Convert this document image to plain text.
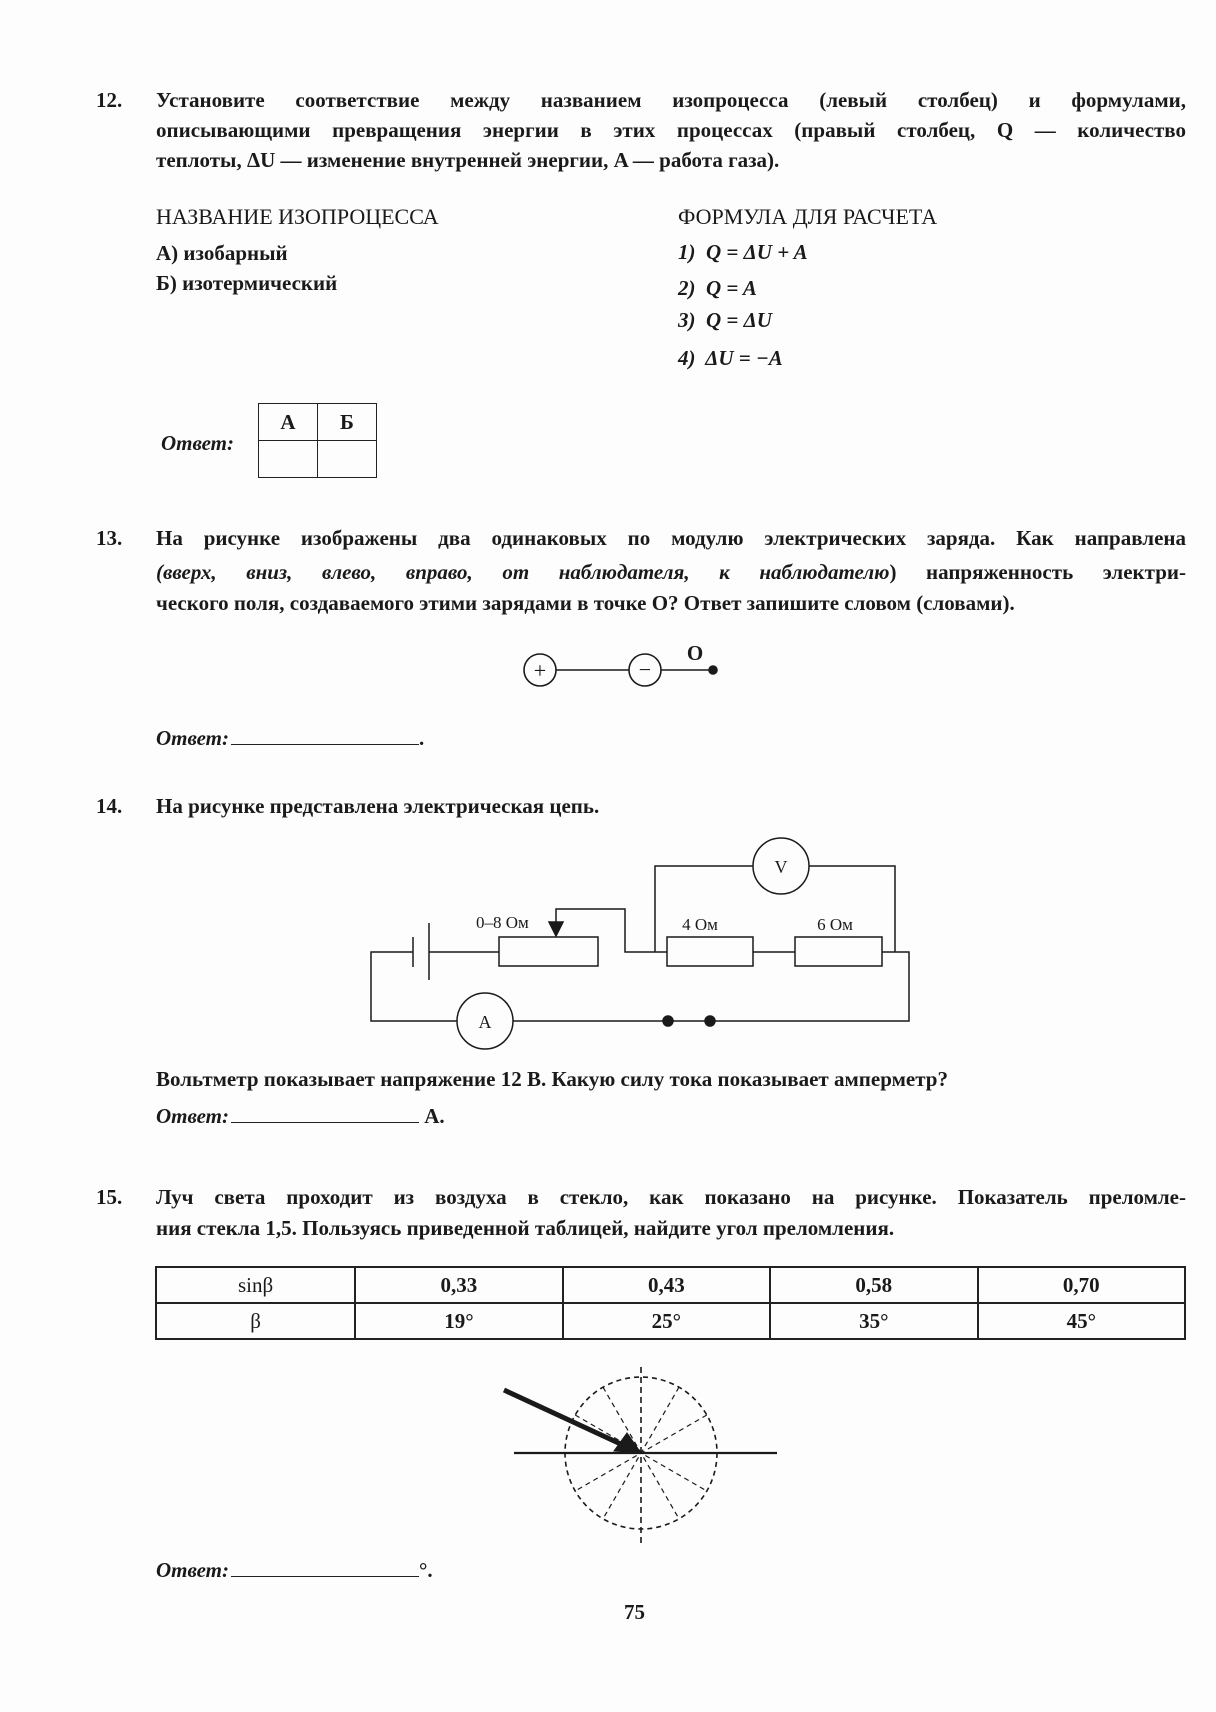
12. Установите соответствие между названием изопроцесса (левый столбец) и формулами,
описывающими превращения энергии в этих процессах (правый столбец, Q — количество
теплоты, ΔU — изменение внутренней энергии, A — работа газа).
НАЗВАНИЕ ИЗОПРОЦЕССА	ФОРМУЛА ДЛЯ РАСЧЕТА
А) изобарный
Б) изотермический
1)  Q = ΔU + A
2)  Q = A
3)  Q = ΔU
4)  ΔU = −A
Ответ:
А	Б

13. На рисунке изображены два одинаковых по модулю электрических заряда. Как направлена
(вверх, вниз, влево, вправо, от наблюдателя, к наблюдателю) напряженность электри-
ческого поля, создаваемого этими зарядами в точке О? Ответ запишите словом (словами).
Ответ:	.
14. На рисунке представлена электрическая цепь.
Вольтметр показывает напряжение 12 В. Какую силу тока показывает амперметр?
Ответ:	А.
15. Луч света проходит из воздуха в стекло, как показано на рисунке. Показатель преломле-
ния стекла 1,5. Пользуясь приведенной таблицей, найдите угол преломления.
sinβ	0,33	0,43	0,58	0,70
β	19°	25°	35°	45°
Ответ:	°.
75
+	−
О
0–8 Ом	4 Ом	6 Ом
V
A
